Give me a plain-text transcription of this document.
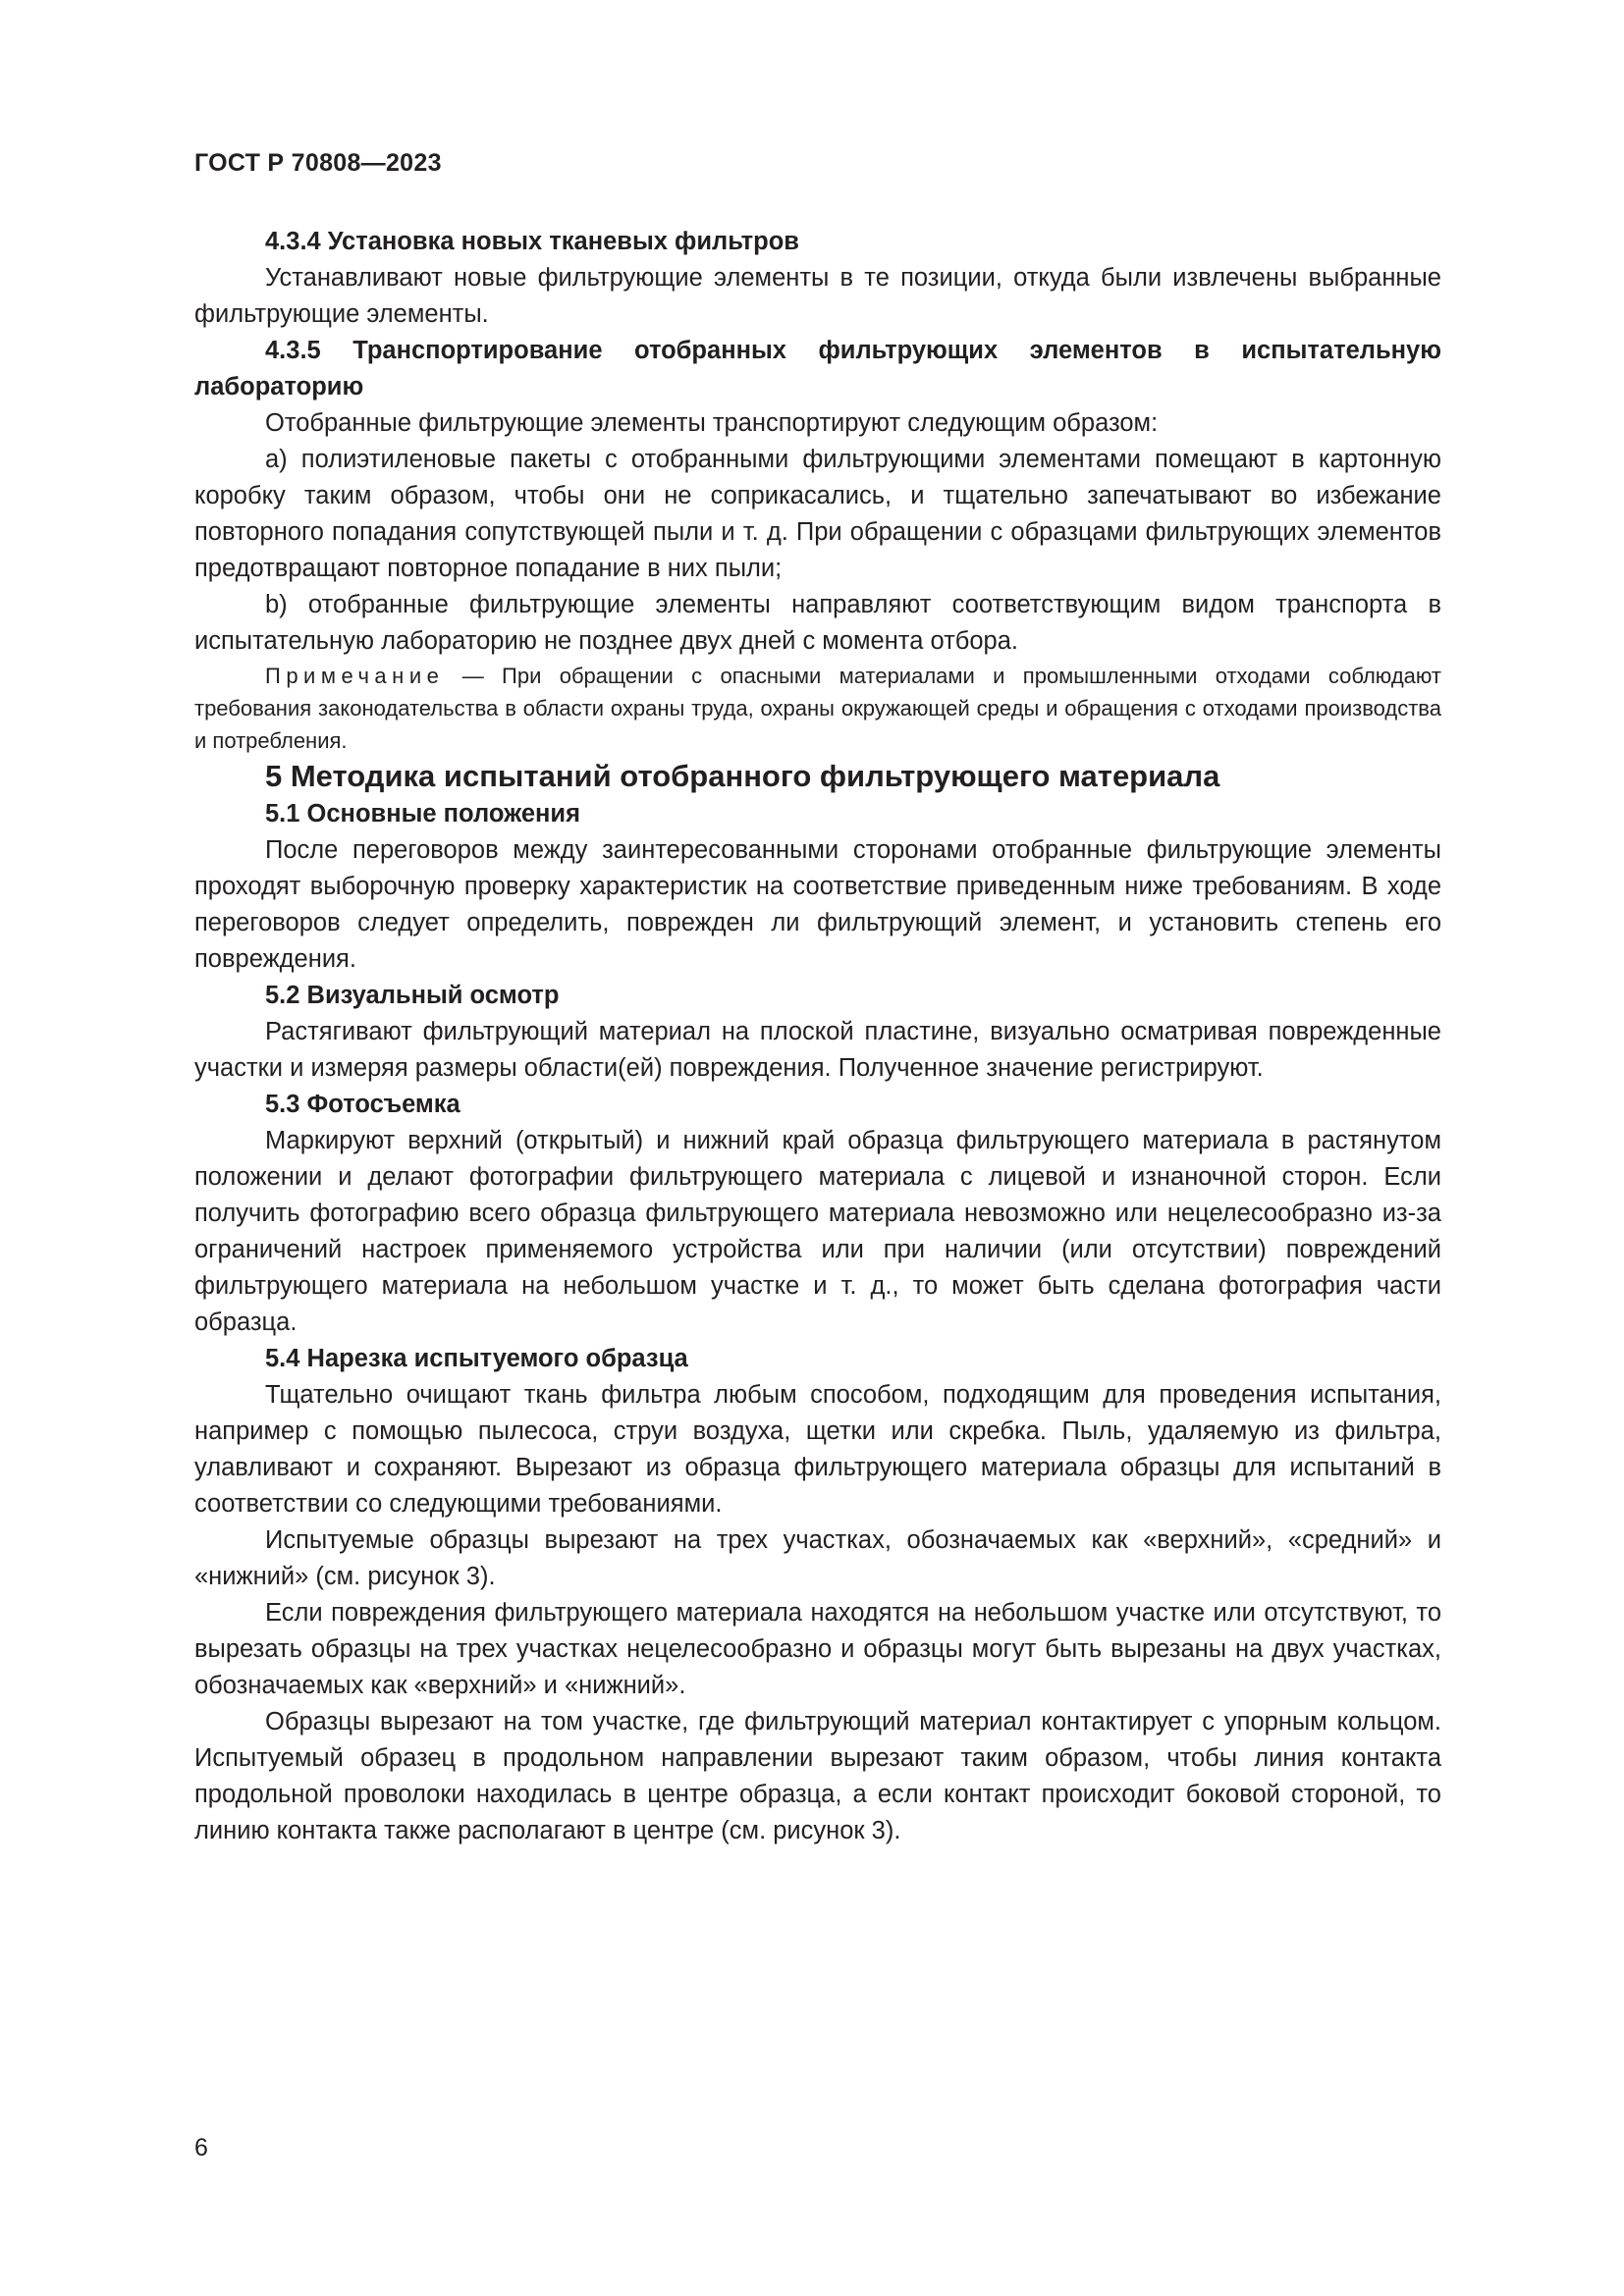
ГОСТ Р 70808—2023

4.3.4 Установка новых тканевых фильтров

Устанавливают новые фильтрующие элементы в те позиции, откуда были извлечены выбранные фильтрующие элементы.

4.3.5 Транспортирование отобранных фильтрующих элементов в испытательную лабораторию

Отобранные фильтрующие элементы транспортируют следующим образом:

а) полиэтиленовые пакеты с отобранными фильтрующими элементами помещают в картонную коробку таким образом, чтобы они не соприкасались, и тщательно запечатывают во избежание повторного попадания сопутствующей пыли и т. д. При обращении с образцами фильтрующих элементов предотвращают повторное попадание в них пыли;

b) отобранные фильтрующие элементы направляют соответствующим видом транспорта в испытательную лабораторию не позднее двух дней с момента отбора.

Примечание — При обращении с опасными материалами и промышленными отходами соблюдают требования законодательства в области охраны труда, охраны окружающей среды и обращения с отходами производства и потребления.

5 Методика испытаний отобранного фильтрующего материала

5.1 Основные положения

После переговоров между заинтересованными сторонами отобранные фильтрующие элементы проходят выборочную проверку характеристик на соответствие приведенным ниже требованиям. В ходе переговоров следует определить, поврежден ли фильтрующий элемент, и установить степень его повреждения.

5.2 Визуальный осмотр

Растягивают фильтрующий материал на плоской пластине, визуально осматривая поврежденные участки и измеряя размеры области(ей) повреждения. Полученное значение регистрируют.

5.3 Фотосъемка

Маркируют верхний (открытый) и нижний край образца фильтрующего материала в растянутом положении и делают фотографии фильтрующего материала с лицевой и изнаночной сторон. Если получить фотографию всего образца фильтрующего материала невозможно или нецелесообразно из-за ограничений настроек применяемого устройства или при наличии (или отсутствии) повреждений фильтрующего материала на небольшом участке и т. д., то может быть сделана фотография части образца.

5.4 Нарезка испытуемого образца

Тщательно очищают ткань фильтра любым способом, подходящим для проведения испытания, например с помощью пылесоса, струи воздуха, щетки или скребка. Пыль, удаляемую из фильтра, улавливают и сохраняют. Вырезают из образца фильтрующего материала образцы для испытаний в соответствии со следующими требованиями.

Испытуемые образцы вырезают на трех участках, обозначаемых как «верхний», «средний» и «нижний» (см. рисунок 3).

Если повреждения фильтрующего материала находятся на небольшом участке или отсутствуют, то вырезать образцы на трех участках нецелесообразно и образцы могут быть вырезаны на двух участках, обозначаемых как «верхний» и «нижний».

Образцы вырезают на том участке, где фильтрующий материал контактирует с упорным кольцом. Испытуемый образец в продольном направлении вырезают таким образом, чтобы линия контакта продольной проволоки находилась в центре образца, а если контакт происходит боковой стороной, то линию контакта также располагают в центре (см. рисунок 3).

6
